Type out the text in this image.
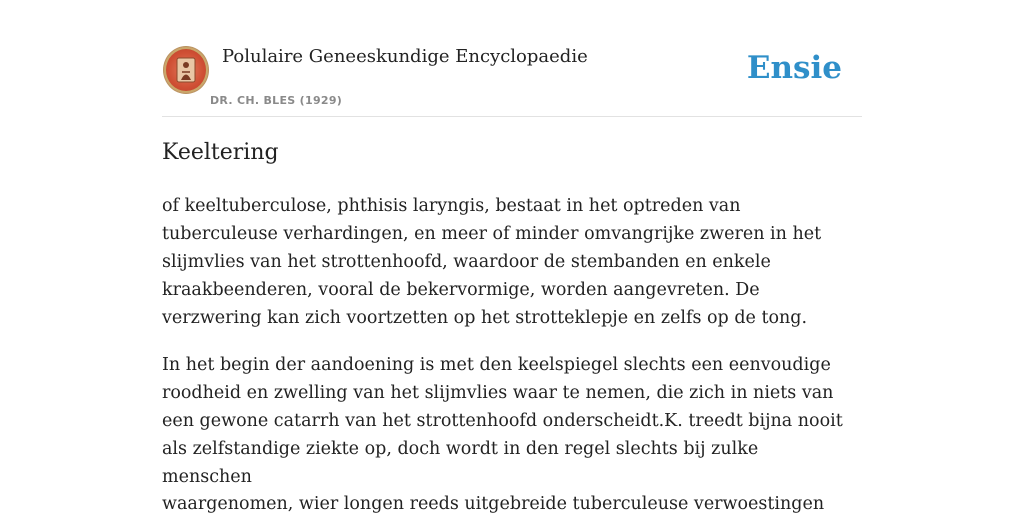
Polulaire Geneeskundige Encyclopaedie
DR. CH. BLES (1929)
Ensie
Keeltering

of keeltuberculose, phthisis laryngis, bestaat in het optreden van tuberculeuse verhardingen, en meer of minder omvangrijke zweren in het slijmvlies van het strottenhoofd, waardoor de stembanden en enkele kraakbeenderen, vooral de bekervormige, worden aangevreten. De verzwering kan zich voortzetten op het strotteklepje en zelfs op de tong.

In het begin der aandoening is met den keelspiegel slechts een eenvoudige roodheid en zwelling van het slijmvlies waar te nemen, die zich in niets van een gewone catarrh van het strottenhoofd onderscheidt.K. treedt bijna nooit als zelfstandige ziekte op, doch wordt in den regel slechts bij zulke menschen

waargenomen, wier longen reeds uitgebreide tuberculeuse verwoestingen
